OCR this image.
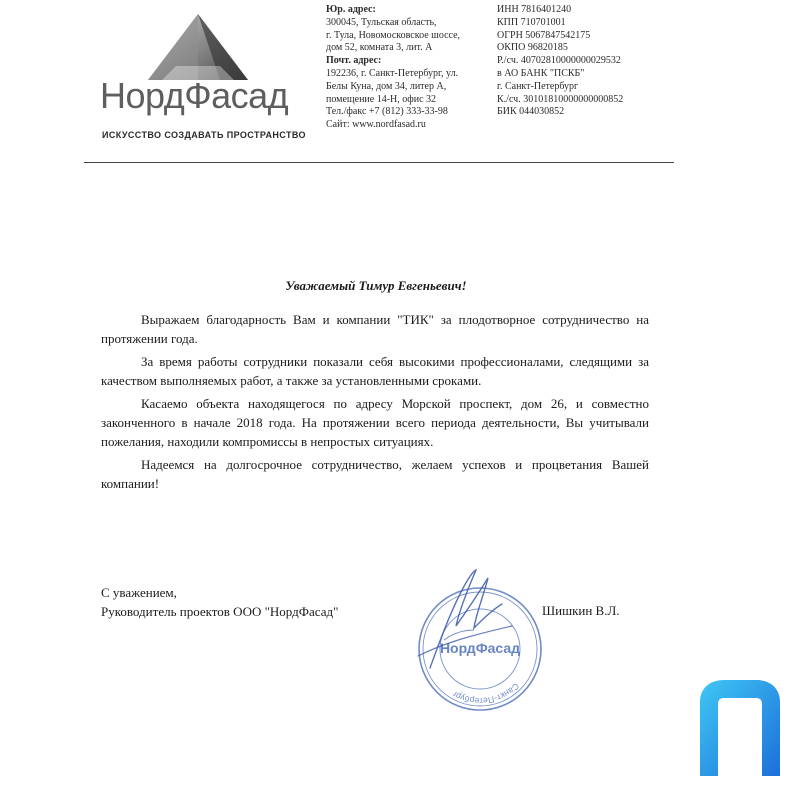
НордФасад
ИСКУССТВО СОЗДАВАТЬ ПРОСТРАНСТВО
Юр. адрес:
300045, Тульская область,
г. Тула, Новомосковское шоссе,
дом 52, комната 3, лит. А
Почт. адрес:
192236, г. Санкт-Петербург, ул.
Белы Куна, дом 34, литер А,
помещение 14-Н, офис 32
Тел./факс +7 (812) 333-33-98
Сайт: www.nordfasad.ru
ИНН 7816401240
КПП 710701001
ОГРН 5067847542175
ОКПО 96820185
Р./сч. 40702810000000029532
в АО БАНК "ПСКБ"
г. Санкт-Петербург
К./сч. 30101810000000000852
БИК 044030852
Уважаемый Тимур Евгеньевич!

Выражаем благодарность Вам и компании "ТИК" за плодотворное сотрудничество на протяжении года.

За время работы сотрудники показали себя высокими профессионалами, следящими за качеством выполняемых работ, а также за установленными сроками.

Касаемо объекта находящегося по адресу Морской проспект, дом 26, и совместно законченного в начале 2018 года. На протяжении всего периода деятельности, Вы учитывали пожелания, находили компромиссы в непростых ситуациях.

Надеемся на долгосрочное сотрудничество, желаем успехов и процветания Вашей компании!

С уважением,
Руководитель проектов ООО "НордФасад"
Санкт-Петербург
НордФасад
Шишкин В.Л.
